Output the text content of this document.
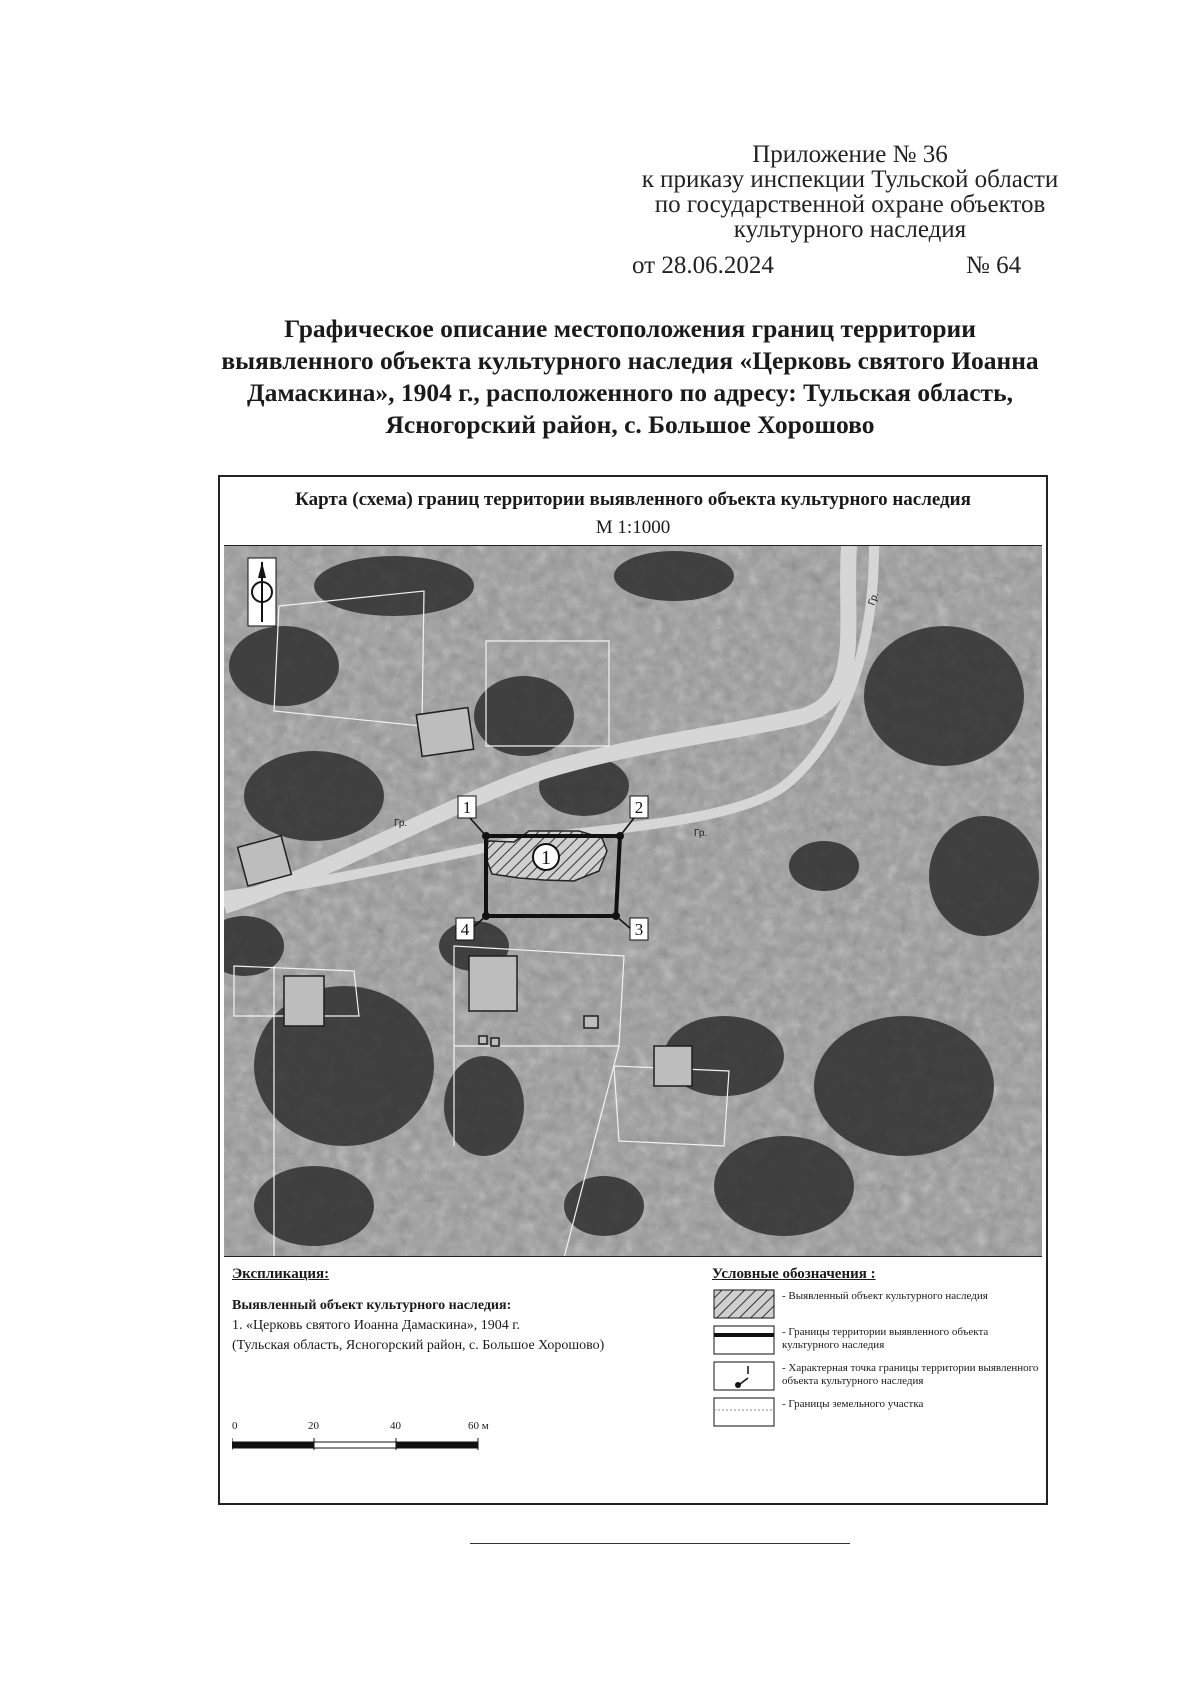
Приложение № 36
к приказу инспекции Тульской области
по государственной охране объектов
культурного наследия
от 28.06.2024	№ 64
Графическое описание местоположения границ территории
выявленного объекта культурного наследия «Церковь святого Иоанна
Дамаскина», 1904 г., расположенного по адресу: Тульская область,
Ясногорский район, с. Большое Хорошово
Карта (схема) границ территории выявленного объекта культурного наследия
М 1:1000
Гр.
Гр.
Гр.
1
1	2
3
4
Экспликация:
Выявленный объект культурного наследия:
1. «Церковь святого Иоанна Дамаскина», 1904 г.
(Тульская область, Ясногорский район, с. Большое Хорошово)
Условные обозначения :
- Выявленный объект культурного наследия
- Границы территории выявленного объекта культурного наследия
- Характерная точка границы территории выявленного объекта культурного наследия
- Границы земельного участка
0	20	40	60 м
